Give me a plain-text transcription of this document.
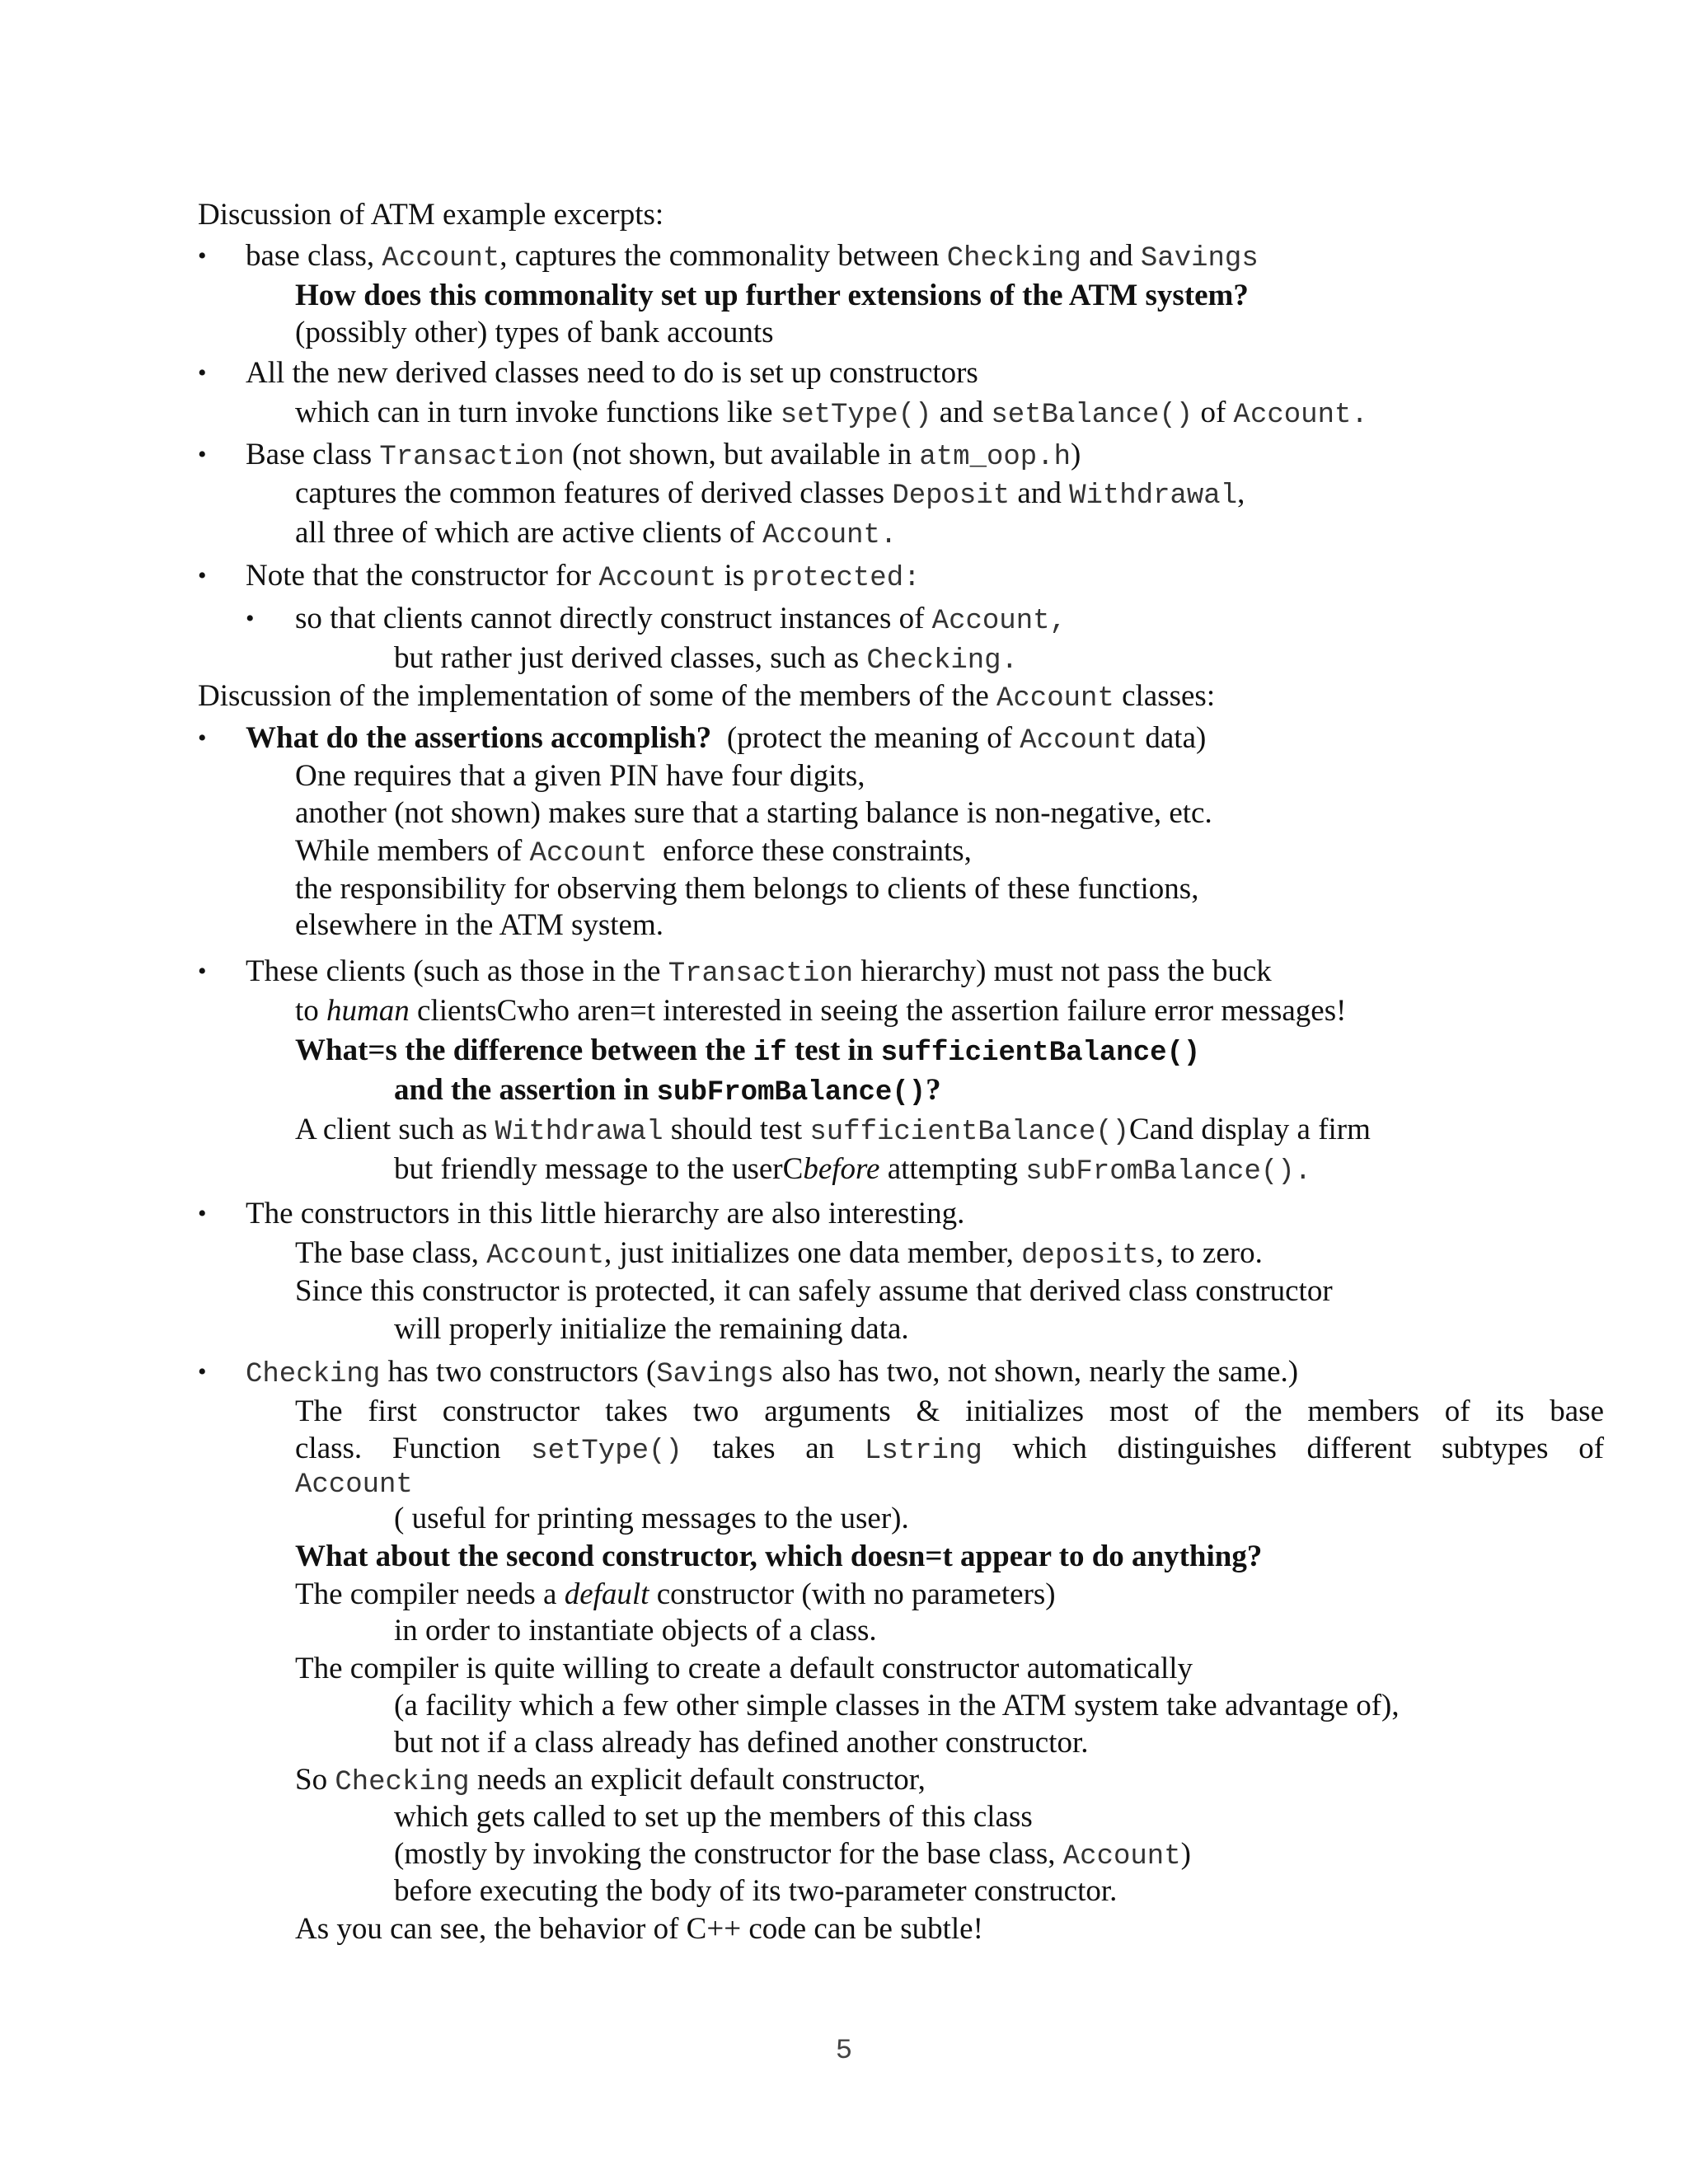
Discussion of ATM example excerpts:
• base class, Account, captures the commonality between Checking and Savings
How does this commonality set up further extensions of the ATM system?
(possibly other) types of bank accounts
• All the new derived classes need to do is set up constructors
which can in turn invoke functions like setType() and setBalance() of Account.
• Base class Transaction (not shown, but available in atm_oop.h)
captures the common features of derived classes Deposit and Withdrawal,
all three of which are active clients of Account.
• Note that the constructor for Account is protected:
• so that clients cannot directly construct instances of Account,
but rather just derived classes, such as Checking.
Discussion of the implementation of some of the members of the Account classes:
• What do the assertions accomplish? (protect the meaning of Account data)
One requires that a given PIN have four digits,
another (not shown) makes sure that a starting balance is non-negative, etc.
While members of Account enforce these constraints,
the responsibility for observing them belongs to clients of these functions,
elsewhere in the ATM system.
• These clients (such as those in the Transaction hierarchy) must not pass the buck
to human clientsCwho aren=t interested in seeing the assertion failure error messages!
What=s the difference between the if test in sufficientBalance()
and the assertion in subFromBalance()?
A client such as Withdrawal should test sufficientBalance()Cand display a firm
but friendly message to the userCbefore attempting subFromBalance().
• The constructors in this little hierarchy are also interesting.
The base class, Account, just initializes one data member, deposits, to zero.
Since this constructor is protected, it can safely assume that derived class constructor
will properly initialize the remaining data.
• Checking has two constructors (Savings also has two, not shown, nearly the same.)
The first constructor takes two arguments & initializes most of the members of its base
class. Function setType() takes an Lstring which distinguishes different subtypes of
Account
( useful for printing messages to the user).
What about the second constructor, which doesn=t appear to do anything?
The compiler needs a default constructor (with no parameters)
in order to instantiate objects of a class.
The compiler is quite willing to create a default constructor automatically
(a facility which a few other simple classes in the ATM system take advantage of),
but not if a class already has defined another constructor.
So Checking needs an explicit default constructor,
which gets called to set up the members of this class
(mostly by invoking the constructor for the base class, Account)
before executing the body of its two-parameter constructor.
As you can see, the behavior of C++ code can be subtle!
5
